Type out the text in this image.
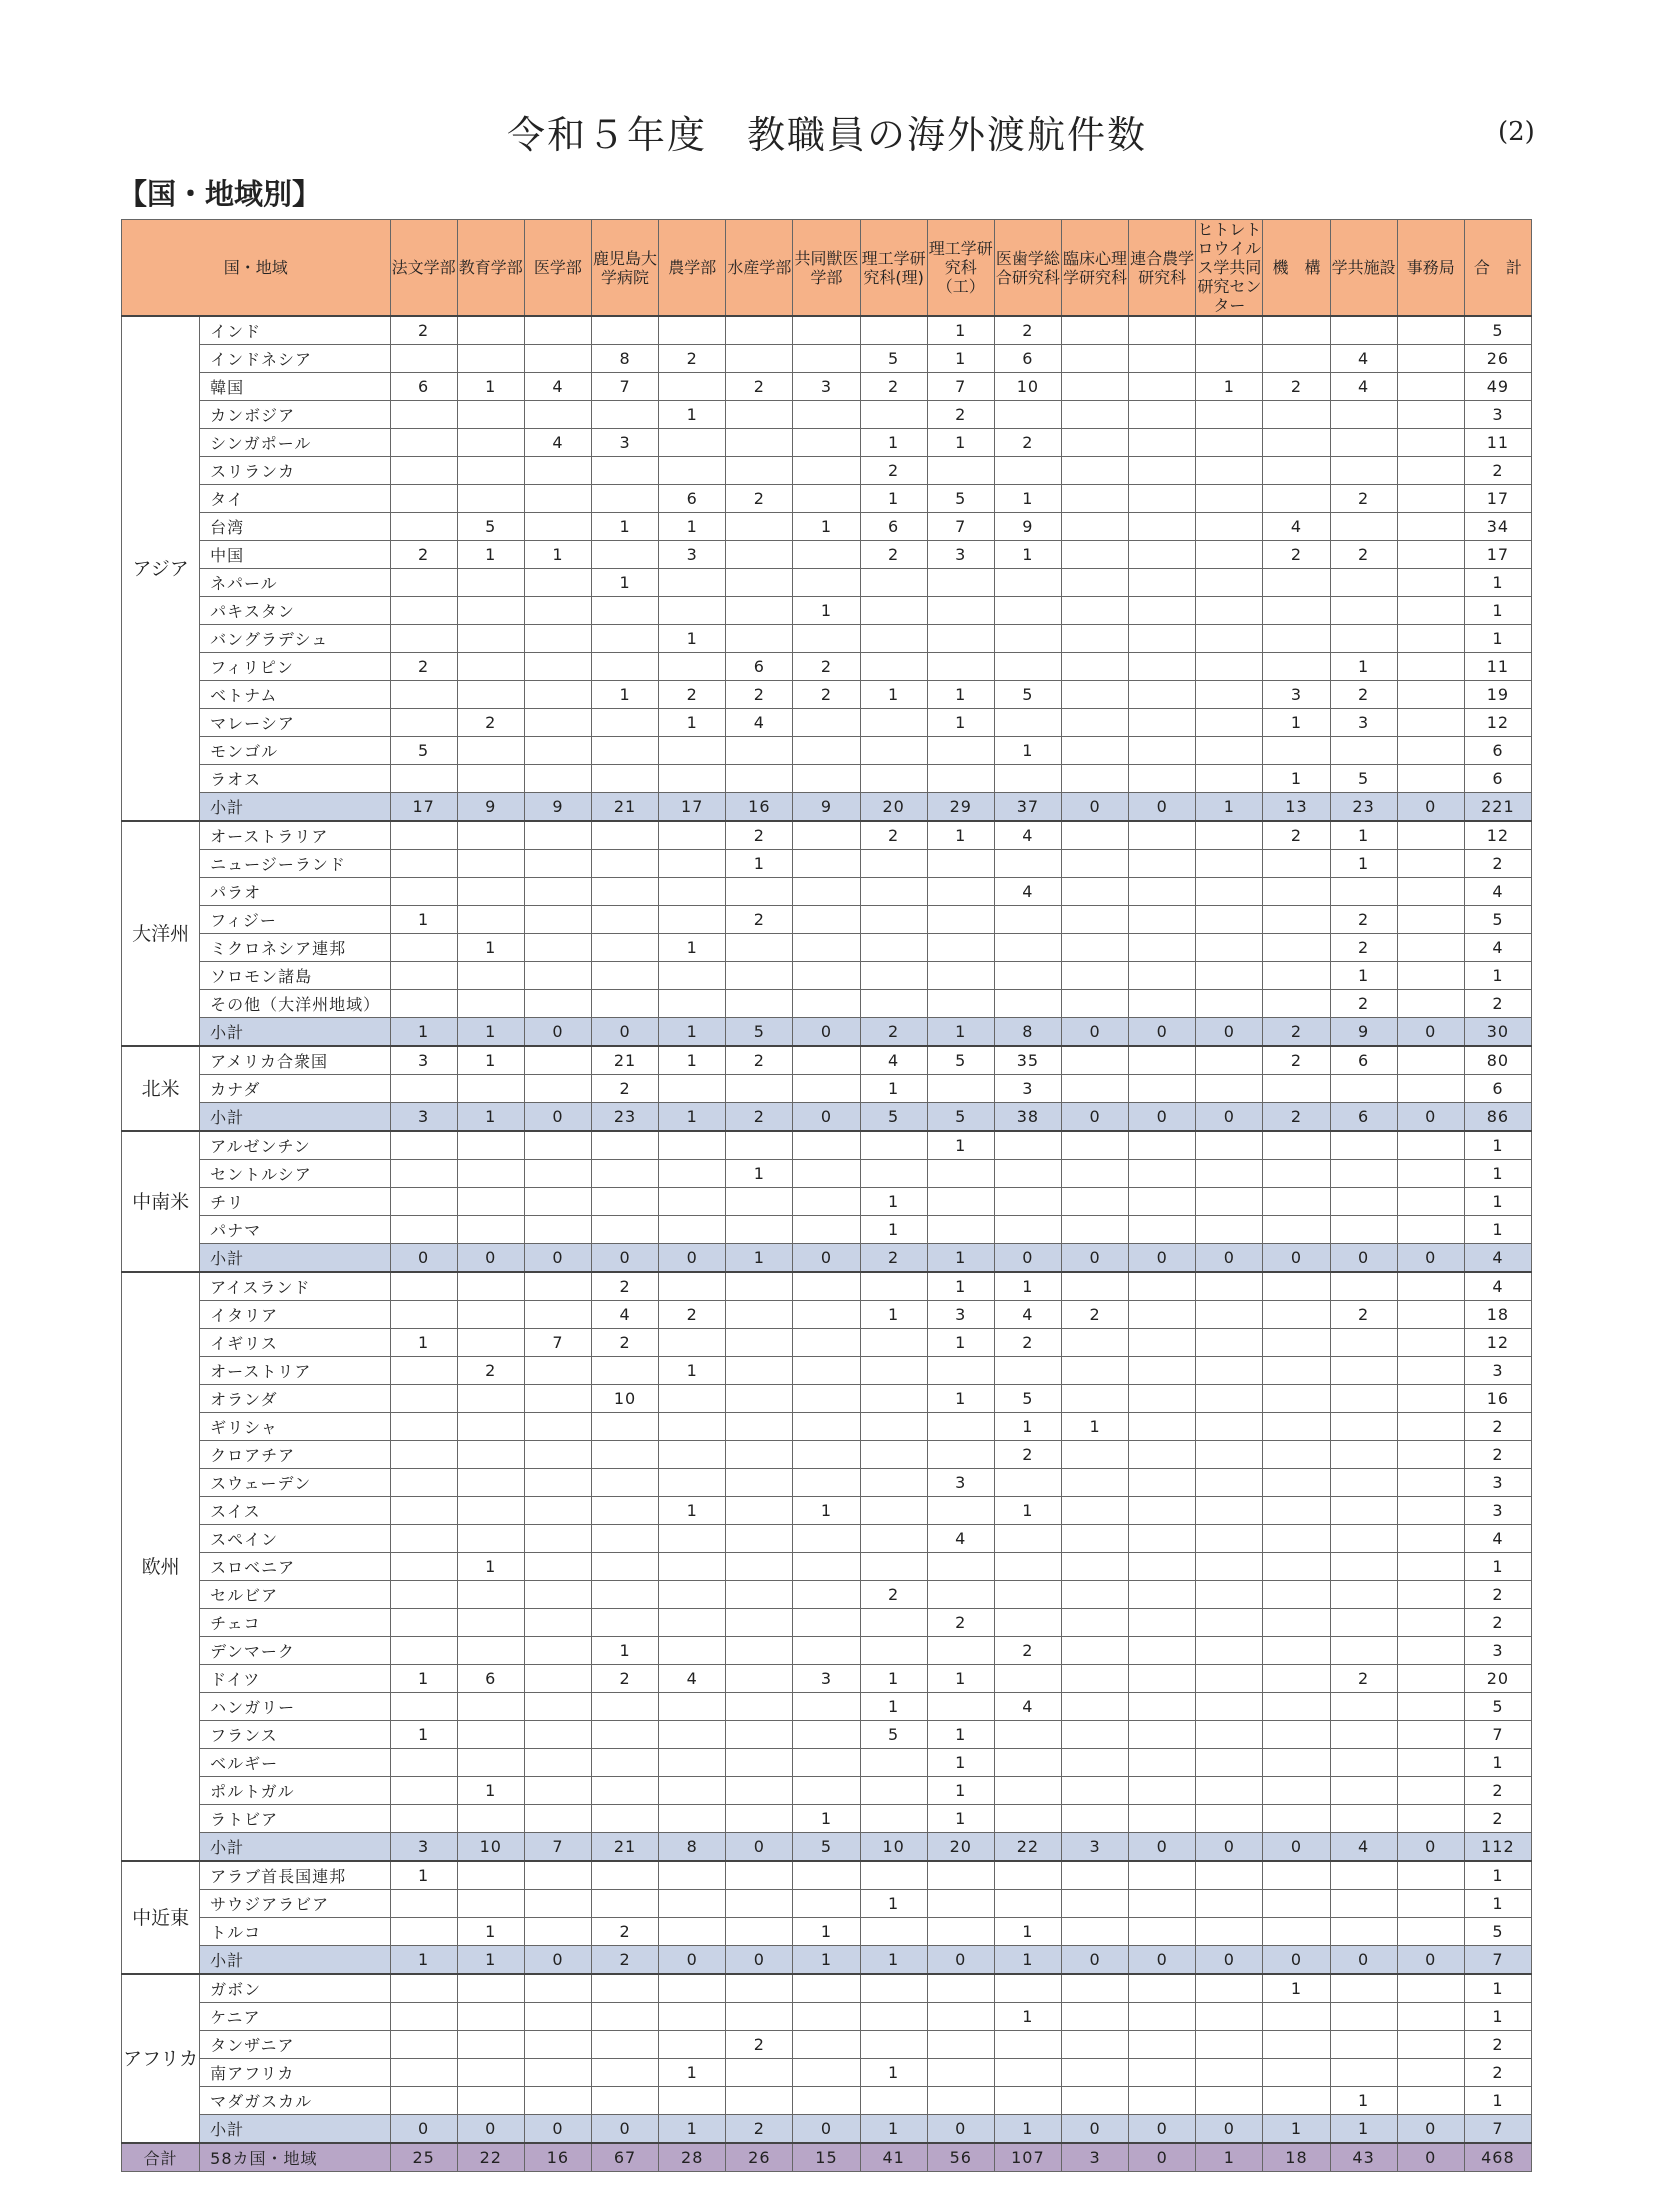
令和５年度　教職員の海外渡航件数	(2)
【国・地域別】
国・地域		法文学部	教育学部	医学部	鹿児島大学病院	農学部	水産学部	共同獣医学部	理工学研究科(理)	理工学研究科（工）	医歯学総合研究科	臨床心理学研究科	連合農学研究科	ヒトレトロウイルス学共同研究センター	機　構	学共施設	事務局	合　計
アジア	インド	2								1	2							5
	インドネシア				8	2			5	1	6					4		26
	韓国	6	1	4	7		2	3	2	7	10			1	2	4		49
	カンボジア					1				2								3
	シンガポール			4	3				1	1	2							11
	スリランカ								2									2
	タイ					6	2		1	5	1					2		17
	台湾		5		1	1		1	6	7	9				4			34
	中国	2	1	1		3			2	3	1				2	2		17
	ネパール				1													1
	パキスタン							1										1
	バングラデシュ					1												1
	フィリピン	2					6	2								1		11
	ベトナム				1	2	2	2	1	1	5				3	2		19
	マレーシア		2			1	4			1					1	3		12
	モンゴル	5									1							6
	ラオス														1	5		6
	小計	17	9	9	21	17	16	9	20	29	37	0	0	1	13	23	0	221
大洋州	オーストラリア						2		2	1	4				2	1		12
	ニュージーランド						1									1		2
	パラオ										4							4
	フィジー	1					2									2		5
	ミクロネシア連邦		1			1										2		4
	ソロモン諸島															1		1
	その他（大洋州地域）															2		2
	小計	1	1	0	0	1	5	0	2	1	8	0	0	0	2	9	0	30
北米	アメリカ合衆国	3	1		21	1	2		4	5	35				2	6		80
	カナダ				2				1		3							6
	小計	3	1	0	23	1	2	0	5	5	38	0	0	0	2	6	0	86
中南米	アルゼンチン									1								1
	セントルシア						1											1
	チリ								1									1
	パナマ								1									1
	小計	0	0	0	0	0	1	0	2	1	0	0	0	0	0	0	0	4
欧州	アイスランド				2					1	1							4
	イタリア				4	2			1	3	4	2				2		18
	イギリス	1		7	2					1	2							12
	オーストリア		2			1												3
	オランダ				10					1	5							16
	ギリシャ										1	1						2
	クロアチア										2							2
	スウェーデン									3								3
	スイス					1		1			1							3
	スペイン									4								4
	スロベニア		1															1
	セルビア								2									2
	チェコ									2								2
	デンマーク				1						2							3
	ドイツ	1	6		2	4		3	1	1						2		20
	ハンガリー								1		4							5
	フランス	1							5	1								7
	ベルギー									1								1
	ポルトガル		1							1								2
	ラトビア							1		1								2
	小計	3	10	7	21	8	0	5	10	20	22	3	0	0	0	4	0	112
中近東	アラブ首長国連邦	1																1
	サウジアラビア								1									1
	トルコ		1		2			1			1							5
	小計	1	1	0	2	0	0	1	1	0	1	0	0	0	0	0	0	7
アフリカ	ガボン														1			1
	ケニア										1							1
	タンザニア						2											2
	南アフリカ					1			1									2
	マダガスカル															1		1
	小計	0	0	0	0	1	2	0	1	0	1	0	0	0	1	1	0	7
合計	58カ国・地域	25	22	16	67	28	26	15	41	56	107	3	0	1	18	43	0	468
